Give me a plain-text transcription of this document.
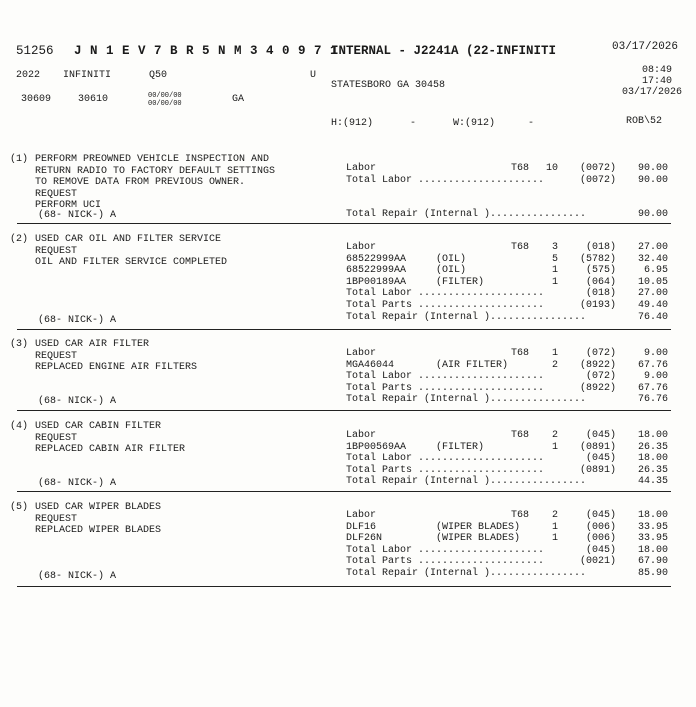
51256 J N 1 E V 7 B R 5 N M 3 4 0 9 7 1
INTERNAL - J2241A (22-INFINITI	03/17/2026
2022 INFINITI	Q50	U	08:49
17:40
03/17/2026
STATESBORO GA 30458
30609	30610	00/00/00
00/00/00	GA
H:(912)	-	W:(912)	-	ROB\52
(1) PERFORM PREOWNED VEHICLE INSPECTION AND
RETURN RADIO TO FACTORY DEFAULT SETTINGS
TO REMOVE DATA FROM PREVIOUS OWNER.
REQUEST
PERFORM UCI
(68- NICK-) A
Labor	T68	10	(0072)	90.00
Total Labor .....................	(0072)	90.00
Total Repair (Internal )................	90.00
(2) USED CAR OIL AND FILTER SERVICE
REQUEST
OIL AND FILTER SERVICE COMPLETED
(68- NICK-) A
Labor	T68	3	(018)	27.00
68522999AA	(OIL)	5	(5782)	32.40
68522999AA	(OIL)	1	(575)	6.95
1BP00189AA	(FILTER)	1	(064)	10.05
Total Labor .....................	(018)	27.00
Total Parts .....................	(0193)	49.40
Total Repair (Internal )................	76.40
(3) USED CAR AIR FILTER
REQUEST
REPLACED ENGINE AIR FILTERS
(68- NICK-) A
Labor	T68	1	(072)	9.00
MGA46044	(AIR FILTER)	2	(8922)	67.76
Total Labor .....................	(072)	9.00
Total Parts .....................	(8922)	67.76
Total Repair (Internal )................	76.76
(4) USED CAR CABIN FILTER
REQUEST
REPLACED CABIN AIR FILTER
(68- NICK-) A
Labor	T68	2	(045)	18.00
1BP00569AA	(FILTER)	1	(0891)	26.35
Total Labor .....................	(045)	18.00
Total Parts .....................	(0891)	26.35
Total Repair (Internal )................	44.35
(5) USED CAR WIPER BLADES
REQUEST
REPLACED WIPER BLADES
(68- NICK-) A
Labor	T68	2	(045)	18.00
DLF16	(WIPER BLADES)	1	(006)	33.95
DLF26N	(WIPER BLADES)	1	(006)	33.95
Total Labor .....................	(045)	18.00
Total Parts .....................	(0021)	67.90
Total Repair (Internal )................	85.90
